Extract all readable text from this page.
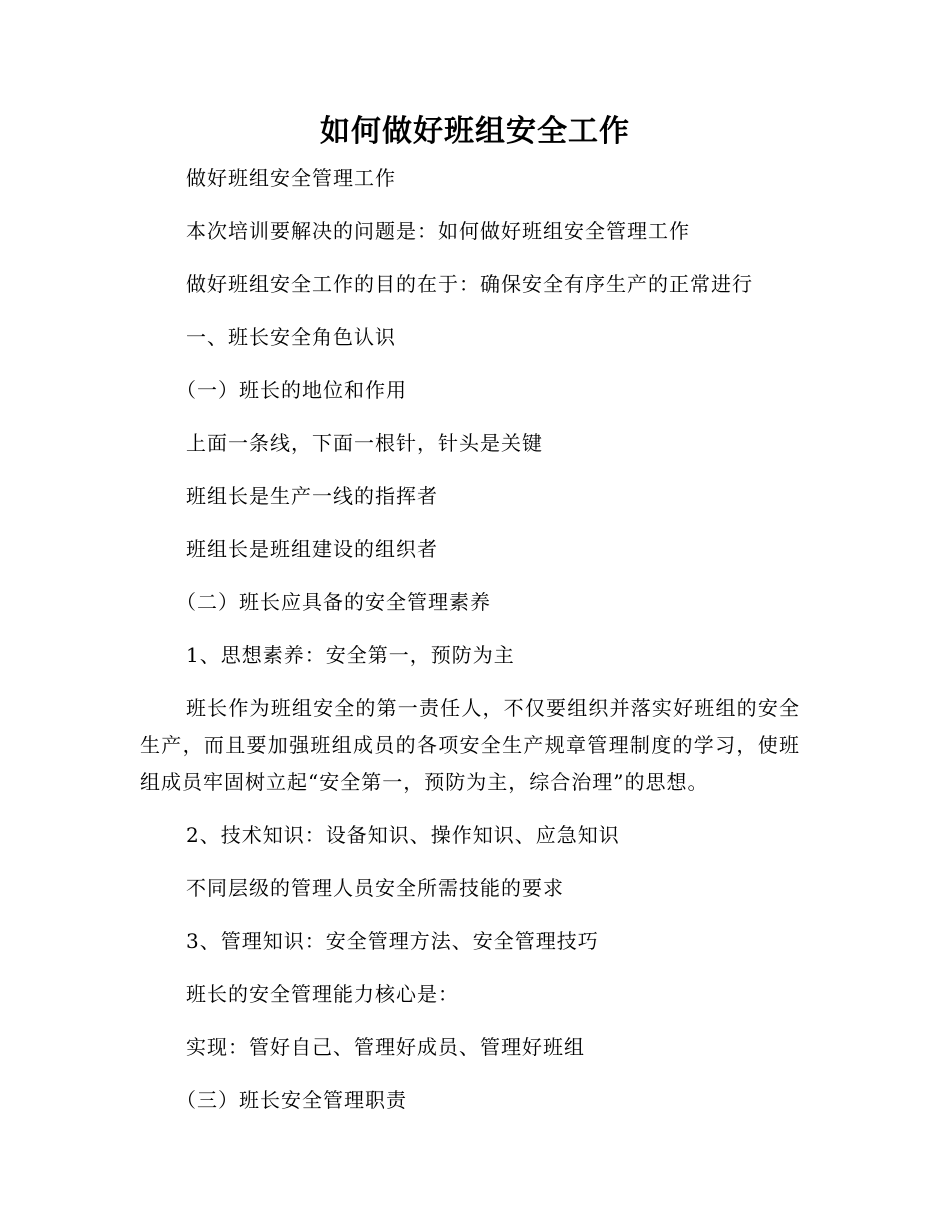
如何做好班组安全工作

做好班组安全管理工作

本次培训要解决的问题是：如何做好班组安全管理工作

做好班组安全工作的目的在于：确保安全有序生产的正常进行

一、班长安全角色认识

（一）班长的地位和作用

上面一条线，下面一根针，针头是关键

班组长是生产一线的指挥者

班组长是班组建设的组织者

（二）班长应具备的安全管理素养

1、思想素养：安全第一，预防为主

班长作为班组安全的第一责任人，不仅要组织并落实好班组的安全生产，而且要加强班组成员的各项安全生产规章管理制度的学习，使班组成员牢固树立起“安全第一，预防为主，综合治理”的思想。

2、技术知识：设备知识、操作知识、应急知识

不同层级的管理人员安全所需技能的要求

3、管理知识：安全管理方法、安全管理技巧

班长的安全管理能力核心是：

实现：管好自己、管理好成员、管理好班组

（三）班长安全管理职责
